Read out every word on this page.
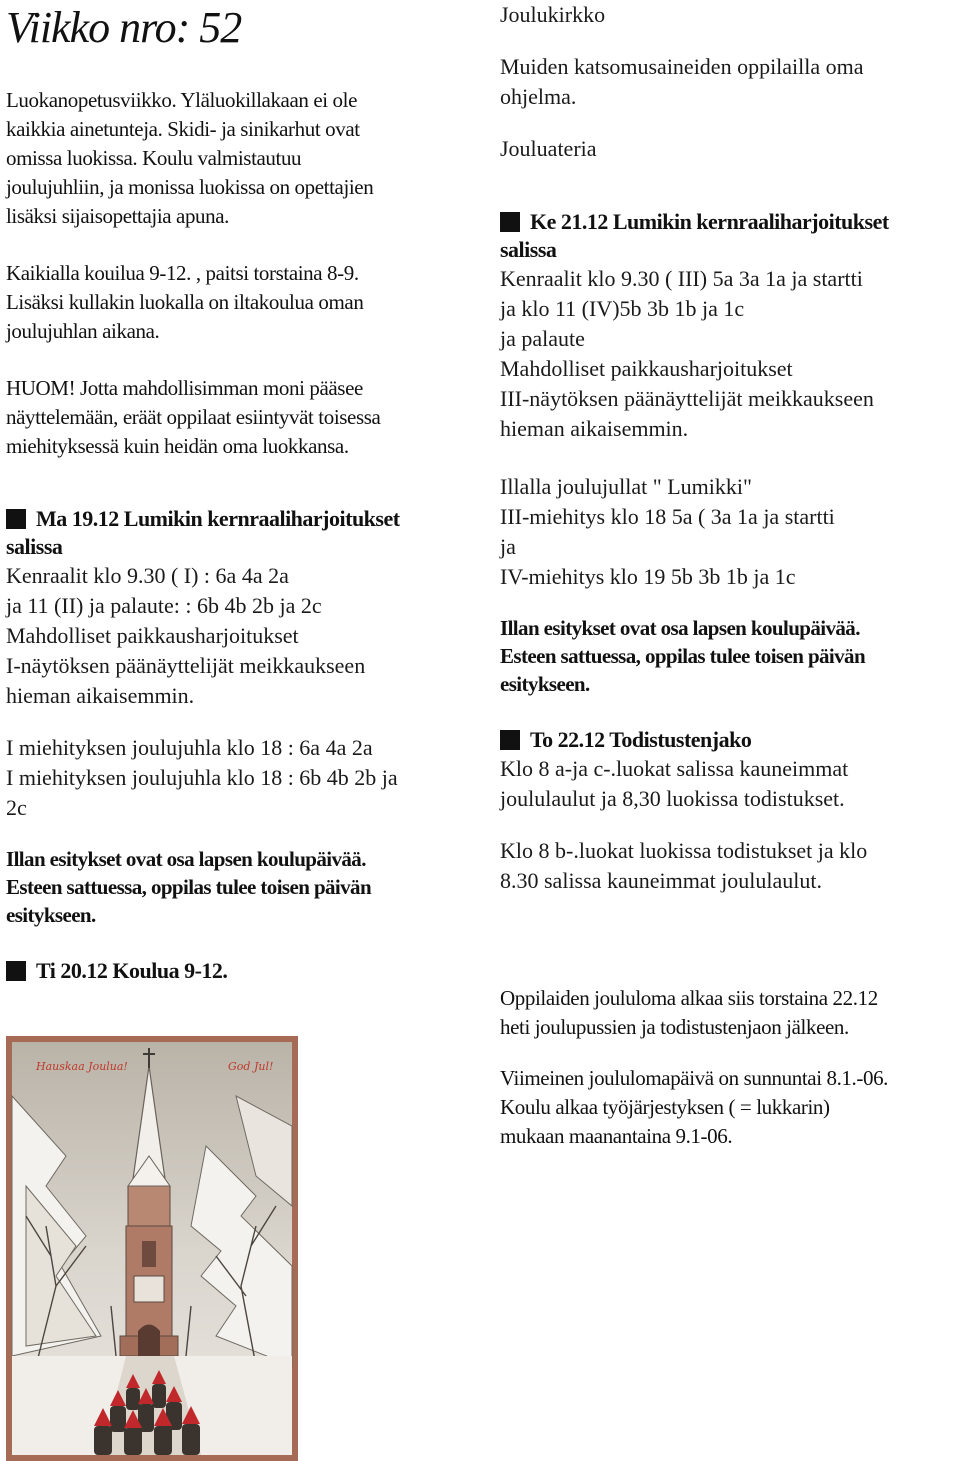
Viikko nro: 52

Luokanopetusviikko. Yläluokillakaan ei ole

kaikkia ainetunteja. Skidi- ja sinikarhut ovat

omissa luokissa. Koulu valmistautuu

joulujuhliin, ja monissa luokissa on opettajien

lisäksi sijaisopettajia apuna.

Kaikialla kouilua 9-12. , paitsi torstaina 8-9.

Lisäksi kullakin luokalla on iltakoulua oman

joulujuhlan aikana.

HUOM! Jotta mahdollisimman moni pääsee

näyttelemään, eräät oppilaat esiintyvät toisessa

miehityksessä kuin heidän oma luokkansa.

Ma 19.12 Lumikin kernraaliharjoitukset

salissa

Kenraalit klo 9.30 ( I) : 6a 4a 2a

ja 11 (II) ja palaute: : 6b 4b 2b ja 2c

Mahdolliset paikkausharjoitukset

I-näytöksen päänäyttelijät meikkaukseen

hieman aikaisemmin.

I miehityksen joulujuhla klo 18 : 6a 4a 2a

I miehityksen joulujuhla klo 18 : 6b 4b 2b ja

2c

Illan esitykset ovat osa lapsen koulupäivää.

Esteen sattuessa, oppilas tulee toisen päivän

esitykseen.

Ti 20.12 Koulua 9-12.
Hauskaa Joulua!	God Jul!

Joulukirkko

Muiden katsomusaineiden oppilailla oma

ohjelma.

Jouluateria

Ke 21.12 Lumikin kernraaliharjoitukset

salissa

Kenraalit klo 9.30 ( III) 5a 3a 1a ja startti

ja klo 11 (IV)5b 3b 1b ja 1c

ja palaute

Mahdolliset paikkausharjoitukset

III-näytöksen päänäyttelijät meikkaukseen

hieman aikaisemmin.

Illalla joulujullat " Lumikki"

III-miehitys klo 18 5a ( 3a 1a ja startti

ja

IV-miehitys klo 19 5b 3b 1b ja 1c

Illan esitykset ovat osa lapsen koulupäivää.

Esteen sattuessa, oppilas tulee toisen päivän

esitykseen.

To 22.12 Todistustenjako

Klo 8 a-ja c-.luokat salissa kauneimmat

joululaulut ja 8,30 luokissa todistukset.

Klo 8 b-.luokat luokissa todistukset ja klo

8.30 salissa kauneimmat joululaulut.

Oppilaiden joululoma alkaa siis torstaina 22.12

heti joulupussien ja todistustenjaon jälkeen.

Viimeinen joululomapäivä on sunnuntai 8.1.-06.

Koulu alkaa työjärjestyksen ( = lukkarin)

mukaan maanantaina 9.1-06.
